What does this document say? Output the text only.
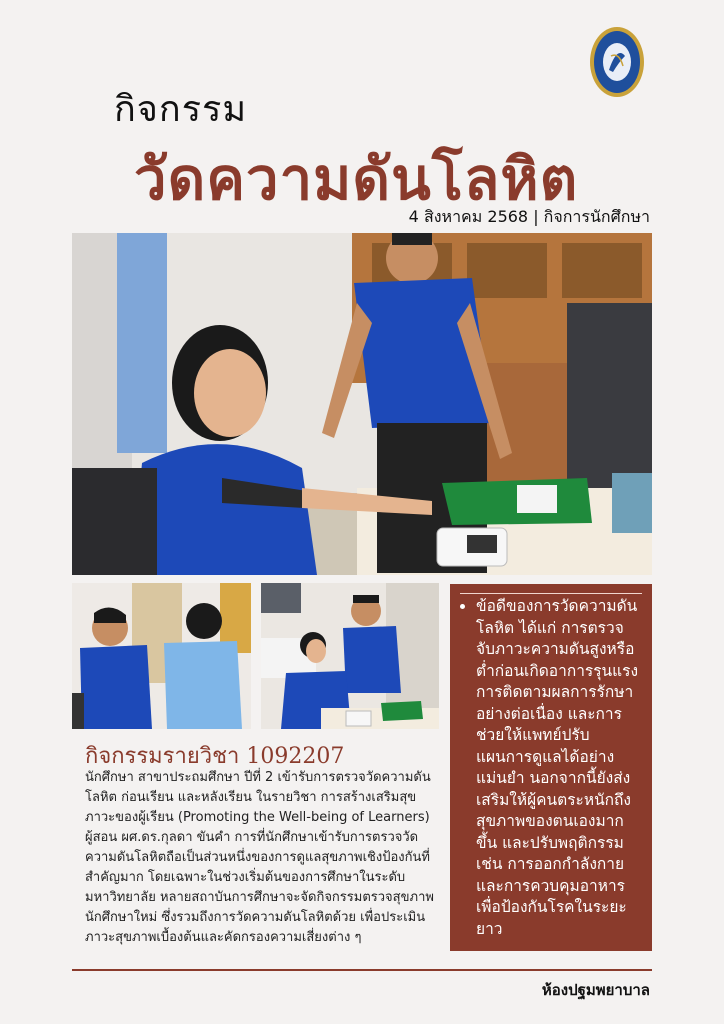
กิจกรรม
วัดความดันโลหิต
4 สิงหาคม 2568 | กิจการนักศึกษา
• ข้อดีของการวัดความดันโลหิต ได้แก่ การตรวจจับภาวะความดันสูงหรือต่ำก่อนเกิดอาการรุนแรง การติดตามผลการรักษาอย่างต่อเนื่อง และการช่วยให้แพทย์ปรับแผนการดูแลได้อย่างแม่นยำ นอกจากนี้ยังส่งเสริมให้ผู้คนตระหนักถึงสุขภาพของตนเองมากขึ้น และปรับพฤติกรรม เช่น การออกกำลังกายและการควบคุมอาหาร เพื่อป้องกันโรคในระยะยาว
กิจกรรมรายวิชา 1092207
นักศึกษา สาขาประถมศึกษา ปีที่ 2 เข้ารับการตรวจวัดความดันโลหิต ก่อนเรียน และหลังเรียน ในรายวิชา การสร้างเสริมสุขภาวะของผู้เรียน (Promoting the Well-being of Learners) ผู้สอน ผศ.ดร.กุลดา ขันคำ การที่นักศึกษาเข้ารับการตรวจวัดความดันโลหิตถือเป็นส่วนหนึ่งของการดูแลสุขภาพเชิงป้องกันที่สำคัญมาก โดยเฉพาะในช่วงเริ่มต้นของการศึกษาในระดับมหาวิทยาลัย หลายสถาบันการศึกษาจะจัดกิจกรรมตรวจสุขภาพนักศึกษาใหม่ ซึ่งรวมถึงการวัดความดันโลหิตด้วย เพื่อประเมินภาวะสุขภาพเบื้องต้นและคัดกรองความเสี่ยงต่าง ๆ
ห้องปฐมพยาบาล
